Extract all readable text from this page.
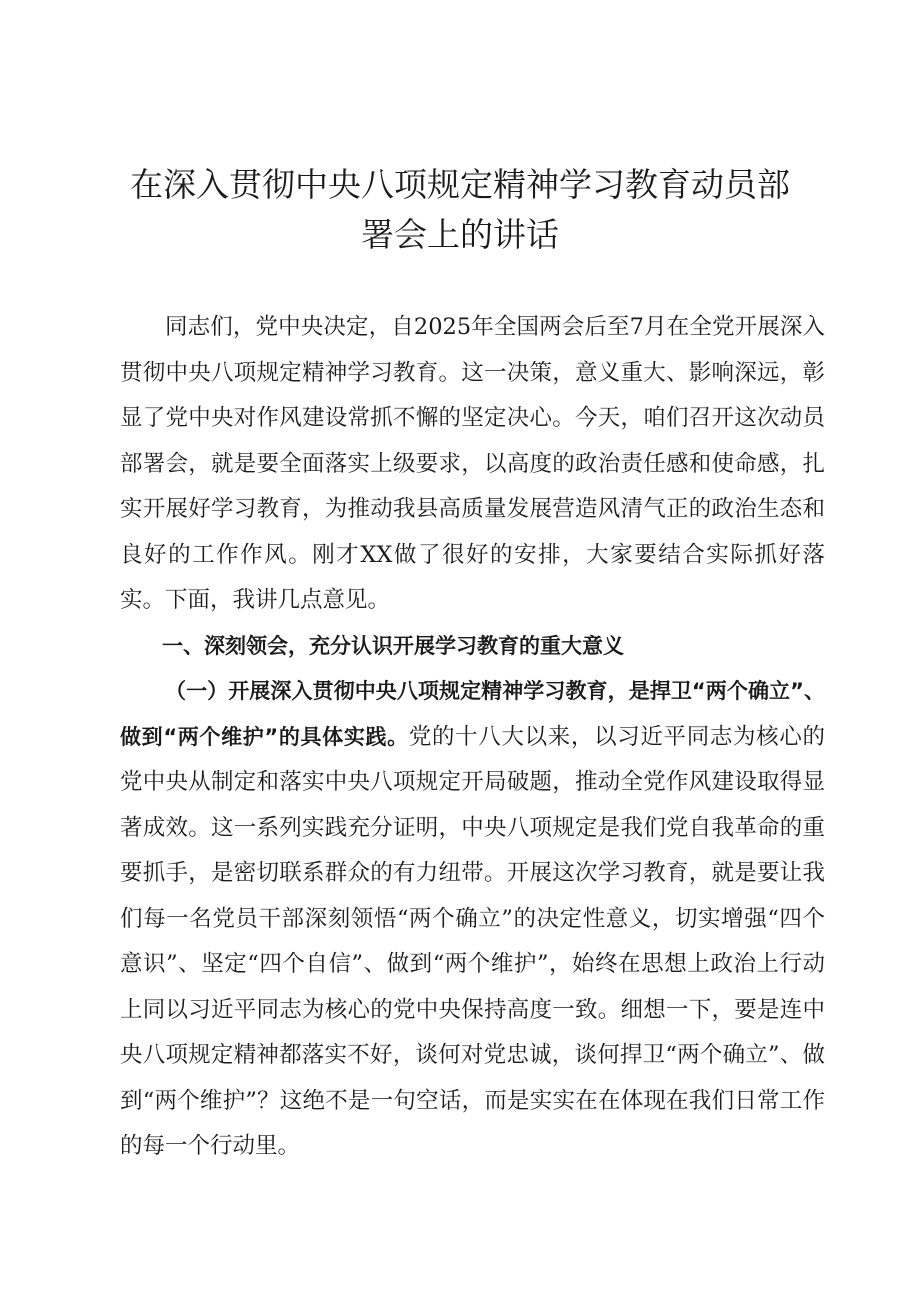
在深入贯彻中央八项规定精神学习教育动员部
署会上的讲话

同志们，党中央决定，自2025年全国两会后至7月在全党开展深入贯彻中央八项规定精神学习教育。这一决策，意义重大、影响深远，彰显了党中央对作风建设常抓不懈的坚定决心。今天，咱们召开这次动员部署会，就是要全面落实上级要求，以高度的政治责任感和使命感，扎实开展好学习教育，为推动我县高质量发展营造风清气正的政治生态和良好的工作作风。刚才XX做了很好的安排，大家要结合实际抓好落实。下面，我讲几点意见。

一、深刻领会，充分认识开展学习教育的重大意义

（一）开展深入贯彻中央八项规定精神学习教育，是捍卫“两个确立”、做到“两个维护”的具体实践。党的十八大以来，以习近平同志为核心的党中央从制定和落实中央八项规定开局破题，推动全党作风建设取得显著成效。这一系列实践充分证明，中央八项规定是我们党自我革命的重要抓手，是密切联系群众的有力纽带。开展这次学习教育，就是要让我们每一名党员干部深刻领悟“两个确立”的决定性意义，切实增强“四个意识”、坚定“四个自信”、做到“两个维护”，始终在思想上政治上行动上同以习近平同志为核心的党中央保持高度一致。细想一下，要是连中央八项规定精神都落实不好，谈何对党忠诚，谈何捍卫“两个确立”、做到“两个维护”？这绝不是一句空话，而是实实在在体现在我们日常工作的每一个行动里。
